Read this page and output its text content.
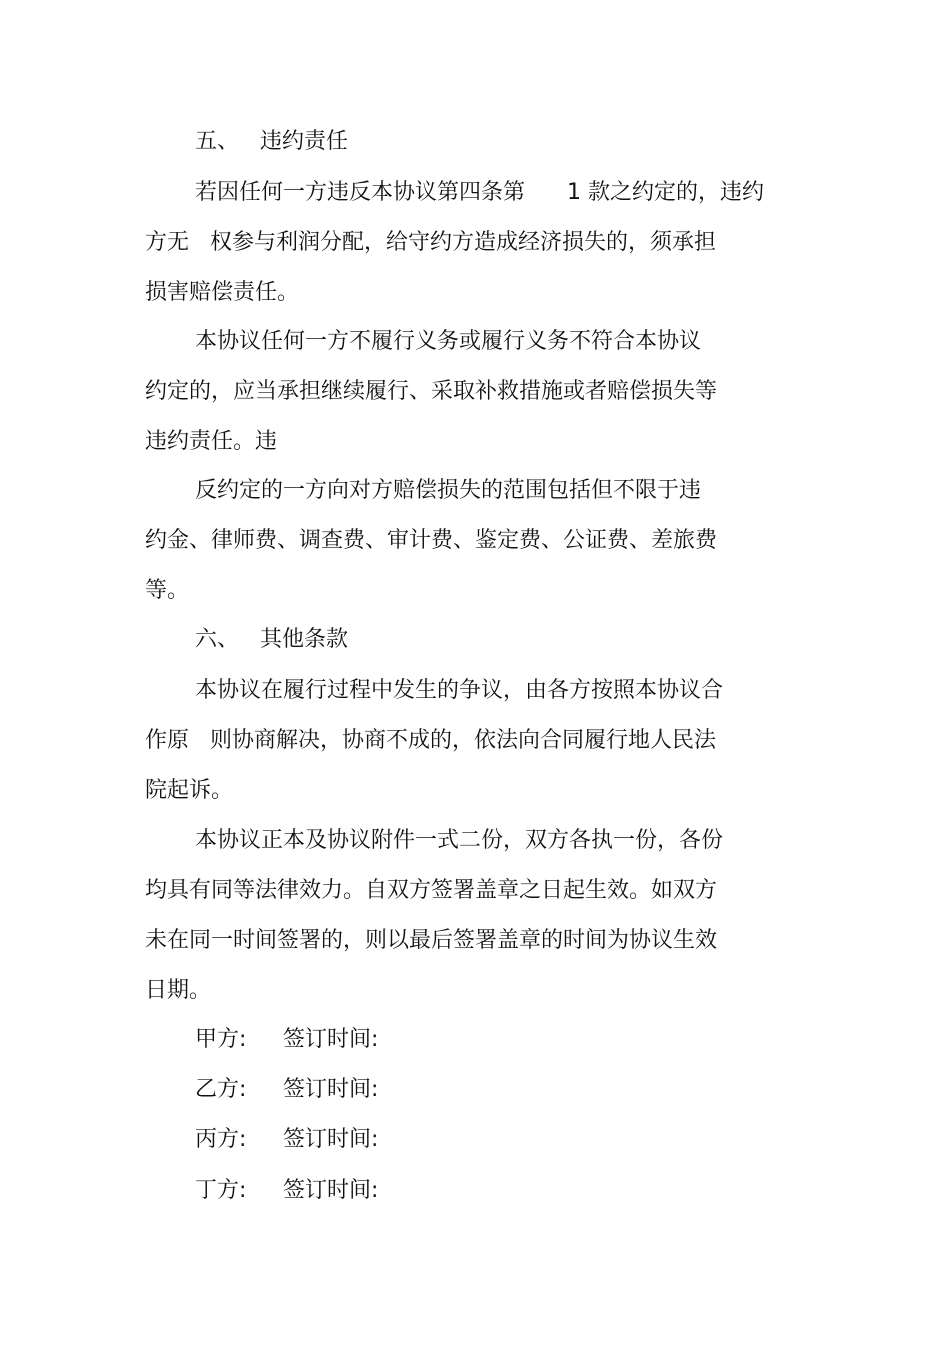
五、   违约责任
若因任何一方违反本协议第四条第      1 款之约定的，违约
方无   权参与利润分配，给守约方造成经济损失的，须承担
损害赔偿责任。
本协议任何一方不履行义务或履行义务不符合本协议
约定的，应当承担继续履行、采取补救措施或者赔偿损失等
违约责任。违
反约定的一方向对方赔偿损失的范围包括但不限于违
约金、律师费、调查费、审计费、鉴定费、公证费、差旅费
等。
六、   其他条款
本协议在履行过程中发生的争议，由各方按照本协议合
作原   则协商解决，协商不成的，依法向合同履行地人民法
院起诉。
本协议正本及协议附件一式二份，双方各执一份，各份
均具有同等法律效力。自双方签署盖章之日起生效。如双方
未在同一时间签署的，则以最后签署盖章的时间为协议生效
日期。
甲方: 签订时间:
乙方: 签订时间:
丙方: 签订时间:
丁方: 签订时间:
